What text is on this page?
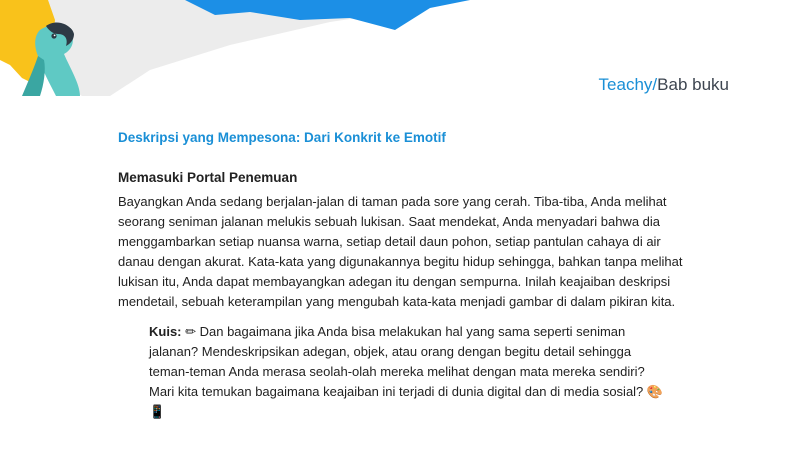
Teachy/Bab buku
Deskripsi yang Mempesona: Dari Konkrit ke Emotif
Memasuki Portal Penemuan

Bayangkan Anda sedang berjalan-jalan di taman pada sore yang cerah. Tiba-tiba, Anda melihat seorang seniman jalanan melukis sebuah lukisan. Saat mendekat, Anda menyadari bahwa dia menggambarkan setiap nuansa warna, setiap detail daun pohon, setiap pantulan cahaya di air danau dengan akurat. Kata-kata yang digunakannya begitu hidup sehingga, bahkan tanpa melihat lukisan itu, Anda dapat membayangkan adegan itu dengan sempurna. Inilah keajaiban deskripsi mendetail, sebuah keterampilan yang mengubah kata-kata menjadi gambar di dalam pikiran kita.

Kuis: ✏ Dan bagaimana jika Anda bisa melakukan hal yang sama seperti seniman jalanan? Mendeskripsikan adegan, objek, atau orang dengan begitu detail sehingga teman-teman Anda merasa seolah-olah mereka melihat dengan mata mereka sendiri? Mari kita temukan bagaimana keajaiban ini terjadi di dunia digital dan di media sosial? 🎨📱
